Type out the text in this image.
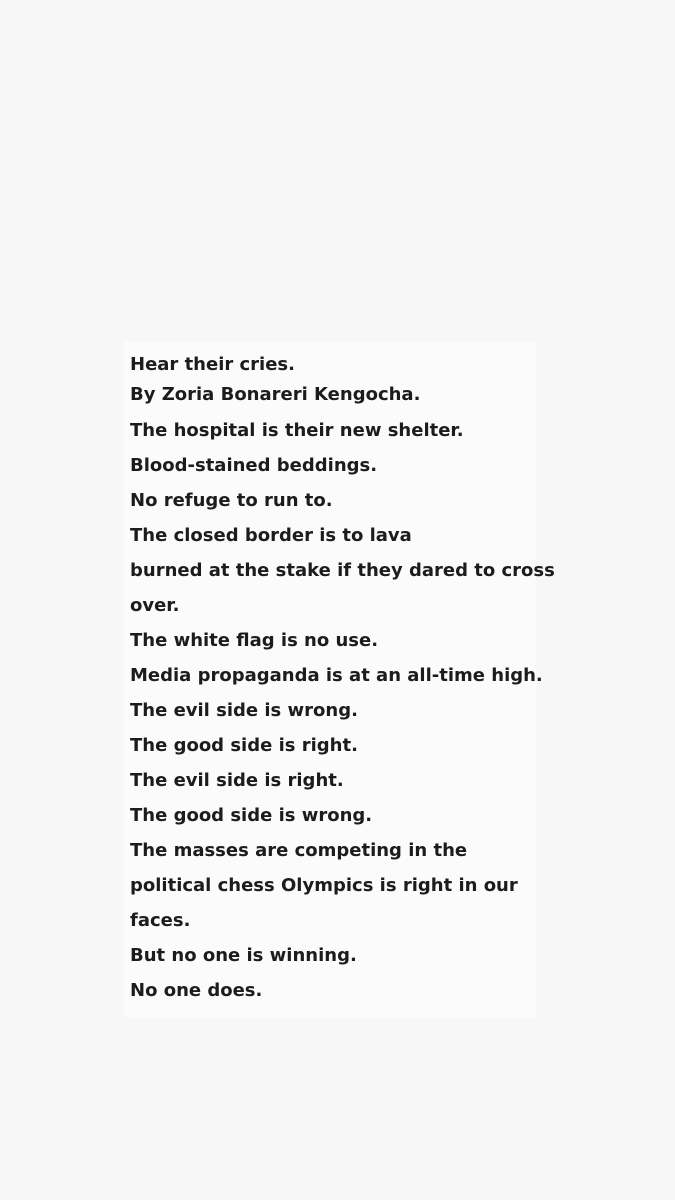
Hear their cries.

By Zoria Bonareri Kengocha.

The hospital is their new shelter.

Blood-stained beddings.

No refuge to run to.

The closed border is to lava

burned at the stake if they dared to cross

over.

The white flag is no use.

Media propaganda is at an all-time high.

The evil side is wrong.

The good side is right.

The evil side is right.

The good side is wrong.

The masses are competing in the

political chess Olympics is right in our

faces.

But no one is winning.

No one does.
